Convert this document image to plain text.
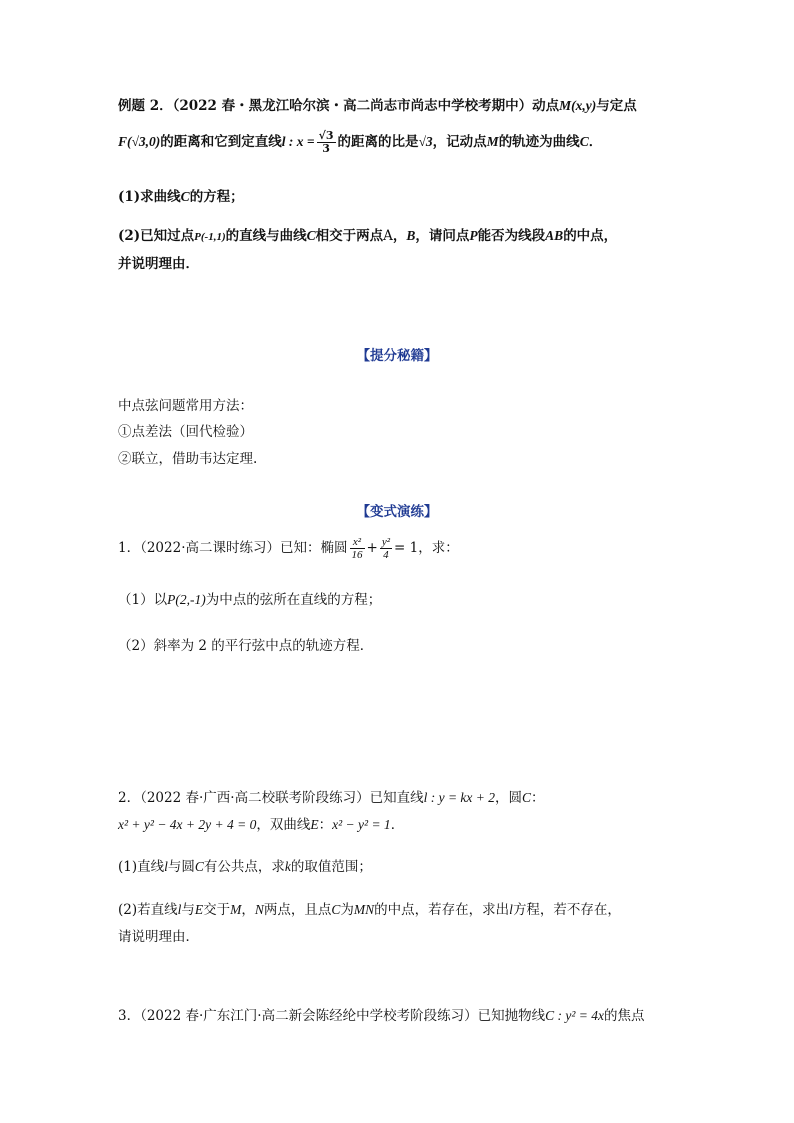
例题 2．（2022 春・黑龙江哈尔滨・高二尚志市尚志中学校考期中）动点M(x,y)与定点
F(√3,0)的距离和它到定直线l : $x = \frac{√3}{3}$ 的距离的比是√3，记动点M的轨迹为曲线C．
(1)求曲线C的方程；
(2)已知过点P(-1,1)的直线与曲线C相交于两点A，B，请问点P能否为线段AB的中点，
并说明理由．
【提分秘籍】
中点弦问题常用方法：
①点差法（回代检验）
②联立，借助韦达定理.
【变式演练】
1．（2022·高二课时练习）已知：椭圆 $\frac{\text{x²}}{16} + \frac{\text{y²}}{4} = 1$，求：
（1）以P(2,-1)为中点的弦所在直线的方程；
（2）斜率为 2 的平行弦中点的轨迹方程．
2．（2022 春·广西·高二校联考阶段练习）已知直线l : y = kx + 2，圆C：
x² + y² − 4x + 2y + 4 = 0，双曲线E：x² − y² = 1．
(1)直线l与圆C有公共点，求k的取值范围；
(2)若直线l与E交于M，N两点，且点C为MN的中点，若存在，求出l方程，若不存在，
请说明理由．
3．（2022 春·广东江门·高二新会陈经纶中学校考阶段练习）已知抛物线C : y² = 4x的焦点
